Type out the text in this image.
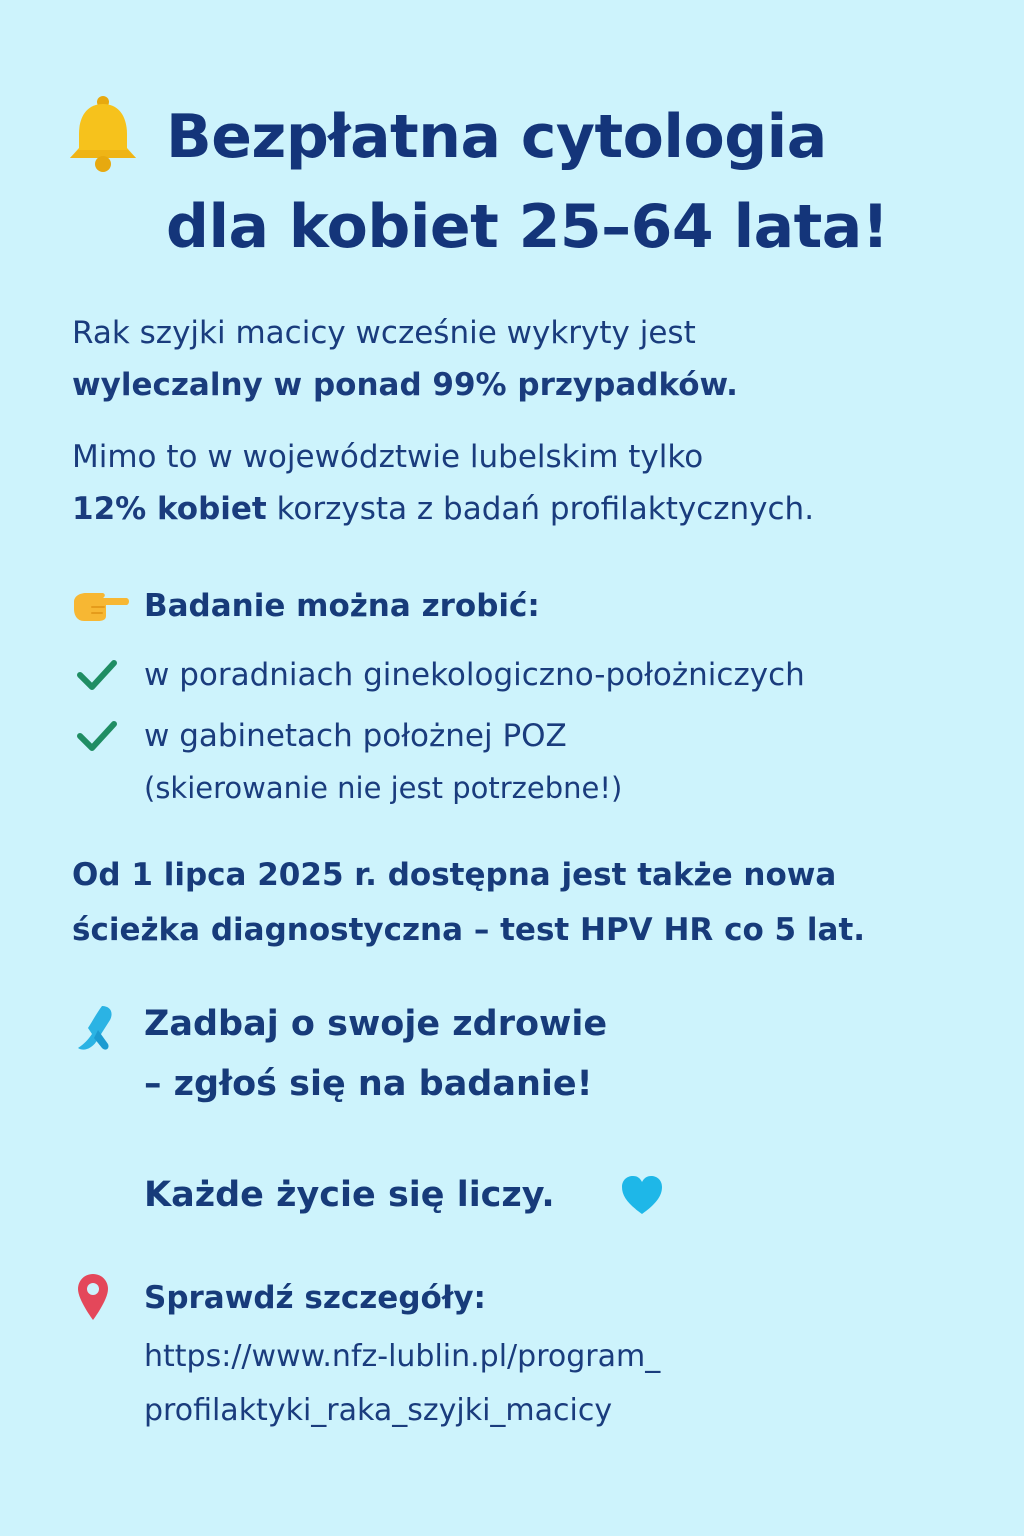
Bezpłatna cytologia
dla kobiet 25–64 lata!

Rak szyjki macicy wcześnie wykryty jest
wyleczalny w ponad 99% przypadków.

Mimo to w województwie lubelskim tylko
12% kobiet korzysta z badań profilaktycznych.

Badanie można zrobić:
w poradniach ginekologiczno-położniczych
w gabinetach położnej POZ
(skierowanie nie jest potrzebne!)

Od 1 lipca 2025 r. dostępna jest także nowa
ścieżka diagnostyczna – test HPV HR co 5 lat.

Zadbaj o swoje zdrowie
– zgłoś się na badanie!

Każde życie się liczy.
Sprawdź szczegóły:

https://www.nfz-lublin.pl/program_
profilaktyki_raka_szyjki_macicy
